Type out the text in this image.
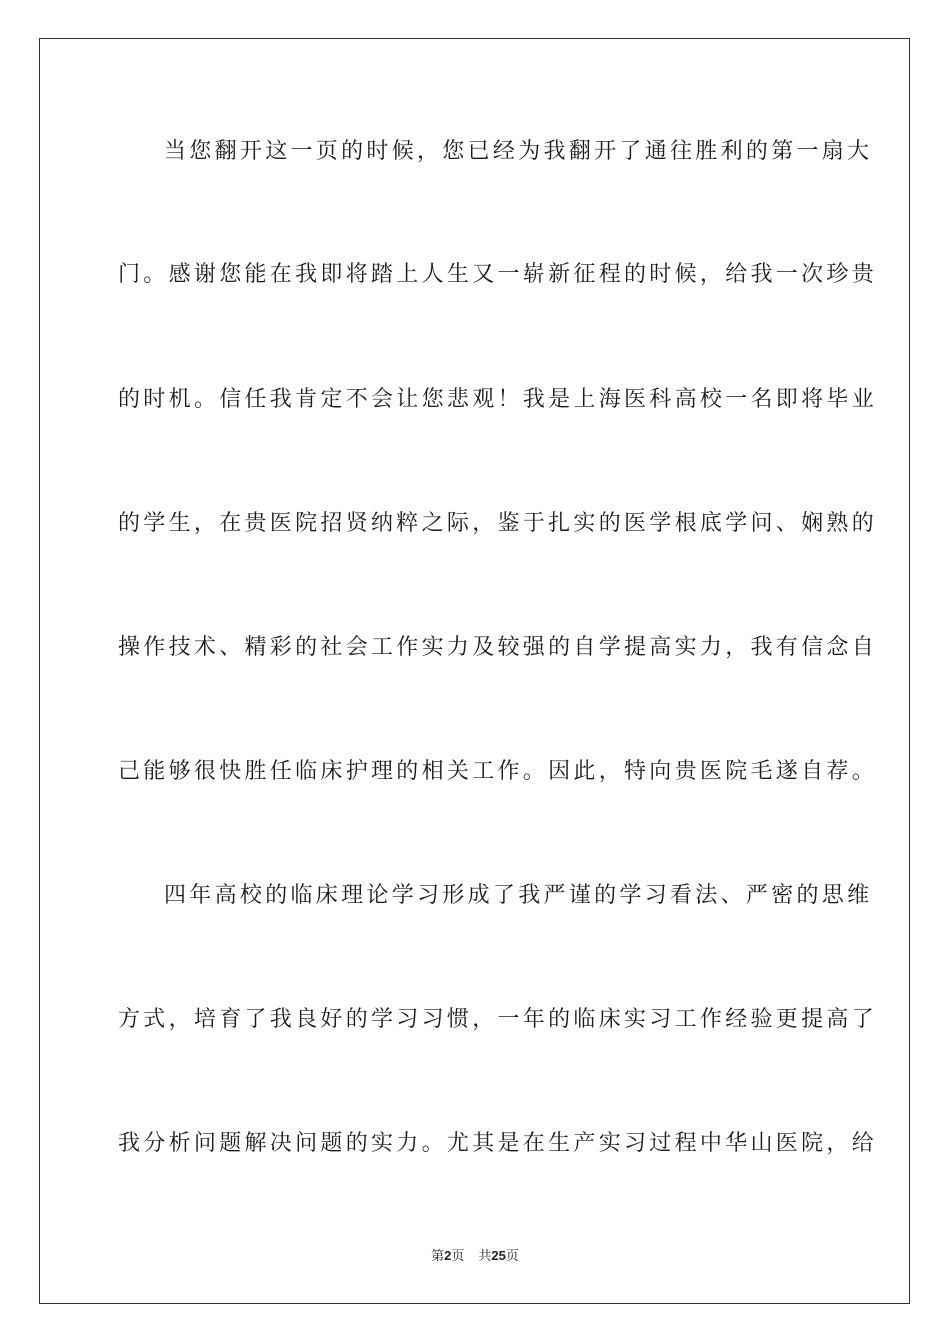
当您翻开这一页的时候，您已经为我翻开了通往胜利的第一扇大
门。感谢您能在我即将踏上人生又一崭新征程的时候，给我一次珍贵
的时机。信任我肯定不会让您悲观！我是上海医科高校一名即将毕业
的学生，在贵医院招贤纳粹之际，鉴于扎实的医学根底学问、娴熟的
操作技术、精彩的社会工作实力及较强的自学提高实力，我有信念自
己能够很快胜任临床护理的相关工作。因此，特向贵医院毛遂自荐。
四年高校的临床理论学习形成了我严谨的学习看法、严密的思维
方式，培育了我良好的学习习惯，一年的临床实习工作经验更提高了
我分析问题解决问题的实力。尤其是在生产实习过程中华山医院，给
第2页 共25页
